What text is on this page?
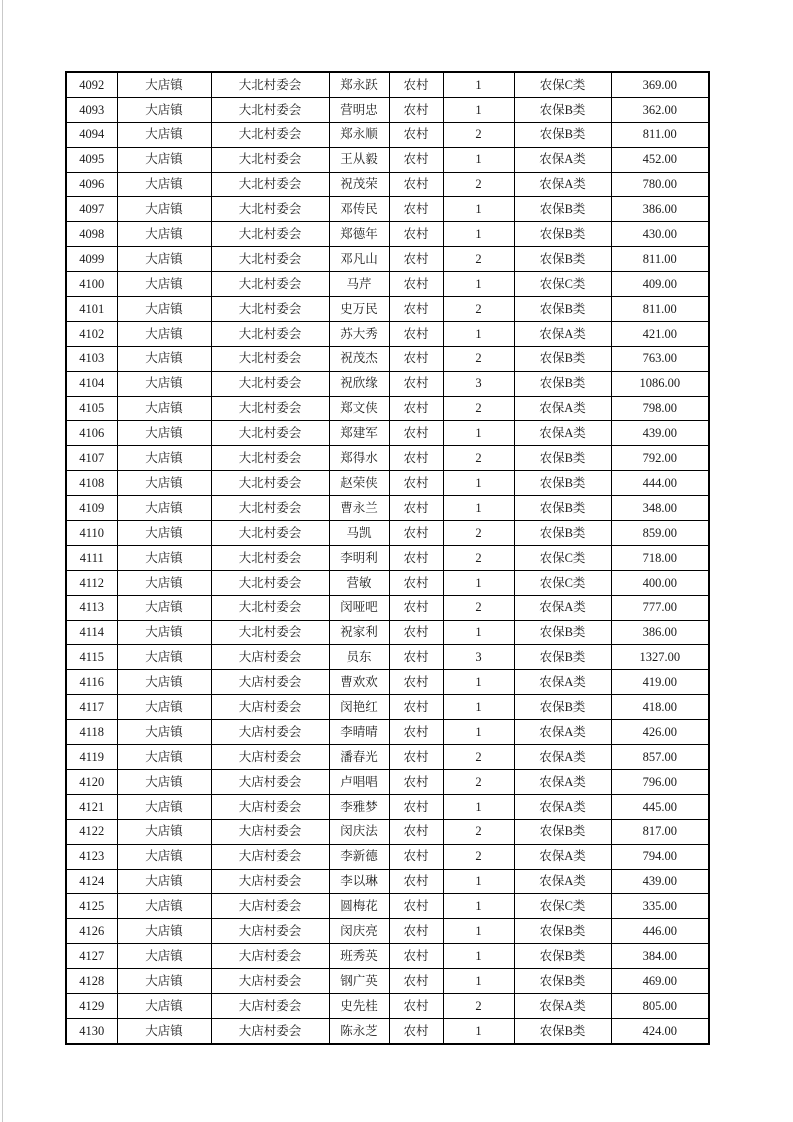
4092	大店镇	大北村委会	郑永跃	农村	1	农保C类	369.00
4093	大店镇	大北村委会	营明忠	农村	1	农保B类	362.00
4094	大店镇	大北村委会	郑永顺	农村	2	农保B类	811.00
4095	大店镇	大北村委会	王从毅	农村	1	农保A类	452.00
4096	大店镇	大北村委会	祝茂荣	农村	2	农保A类	780.00
4097	大店镇	大北村委会	邓传民	农村	1	农保B类	386.00
4098	大店镇	大北村委会	郑德年	农村	1	农保B类	430.00
4099	大店镇	大北村委会	邓凡山	农村	2	农保B类	811.00
4100	大店镇	大北村委会	马芹	农村	1	农保C类	409.00
4101	大店镇	大北村委会	史万民	农村	2	农保B类	811.00
4102	大店镇	大北村委会	苏大秀	农村	1	农保A类	421.00
4103	大店镇	大北村委会	祝茂杰	农村	2	农保B类	763.00
4104	大店镇	大北村委会	祝欣缘	农村	3	农保B类	1086.00
4105	大店镇	大北村委会	郑文侠	农村	2	农保A类	798.00
4106	大店镇	大北村委会	郑建军	农村	1	农保A类	439.00
4107	大店镇	大北村委会	郑得水	农村	2	农保B类	792.00
4108	大店镇	大北村委会	赵荣侠	农村	1	农保B类	444.00
4109	大店镇	大北村委会	曹永兰	农村	1	农保B类	348.00
4110	大店镇	大北村委会	马凯	农村	2	农保B类	859.00
4111	大店镇	大北村委会	李明利	农村	2	农保C类	718.00
4112	大店镇	大北村委会	营敏	农村	1	农保C类	400.00
4113	大店镇	大北村委会	闵哑吧	农村	2	农保A类	777.00
4114	大店镇	大北村委会	祝家利	农村	1	农保B类	386.00
4115	大店镇	大店村委会	员东	农村	3	农保B类	1327.00
4116	大店镇	大店村委会	曹欢欢	农村	1	农保A类	419.00
4117	大店镇	大店村委会	闵艳红	农村	1	农保B类	418.00
4118	大店镇	大店村委会	李晴晴	农村	1	农保A类	426.00
4119	大店镇	大店村委会	潘春光	农村	2	农保A类	857.00
4120	大店镇	大店村委会	卢唱唱	农村	2	农保A类	796.00
4121	大店镇	大店村委会	李雅梦	农村	1	农保A类	445.00
4122	大店镇	大店村委会	闵庆法	农村	2	农保B类	817.00
4123	大店镇	大店村委会	李新德	农村	2	农保A类	794.00
4124	大店镇	大店村委会	李以琳	农村	1	农保A类	439.00
4125	大店镇	大店村委会	圆梅花	农村	1	农保C类	335.00
4126	大店镇	大店村委会	闵庆亮	农村	1	农保B类	446.00
4127	大店镇	大店村委会	班秀英	农村	1	农保B类	384.00
4128	大店镇	大店村委会	钢广英	农村	1	农保B类	469.00
4129	大店镇	大店村委会	史先桂	农村	2	农保A类	805.00
4130	大店镇	大店村委会	陈永芝	农村	1	农保B类	424.00
